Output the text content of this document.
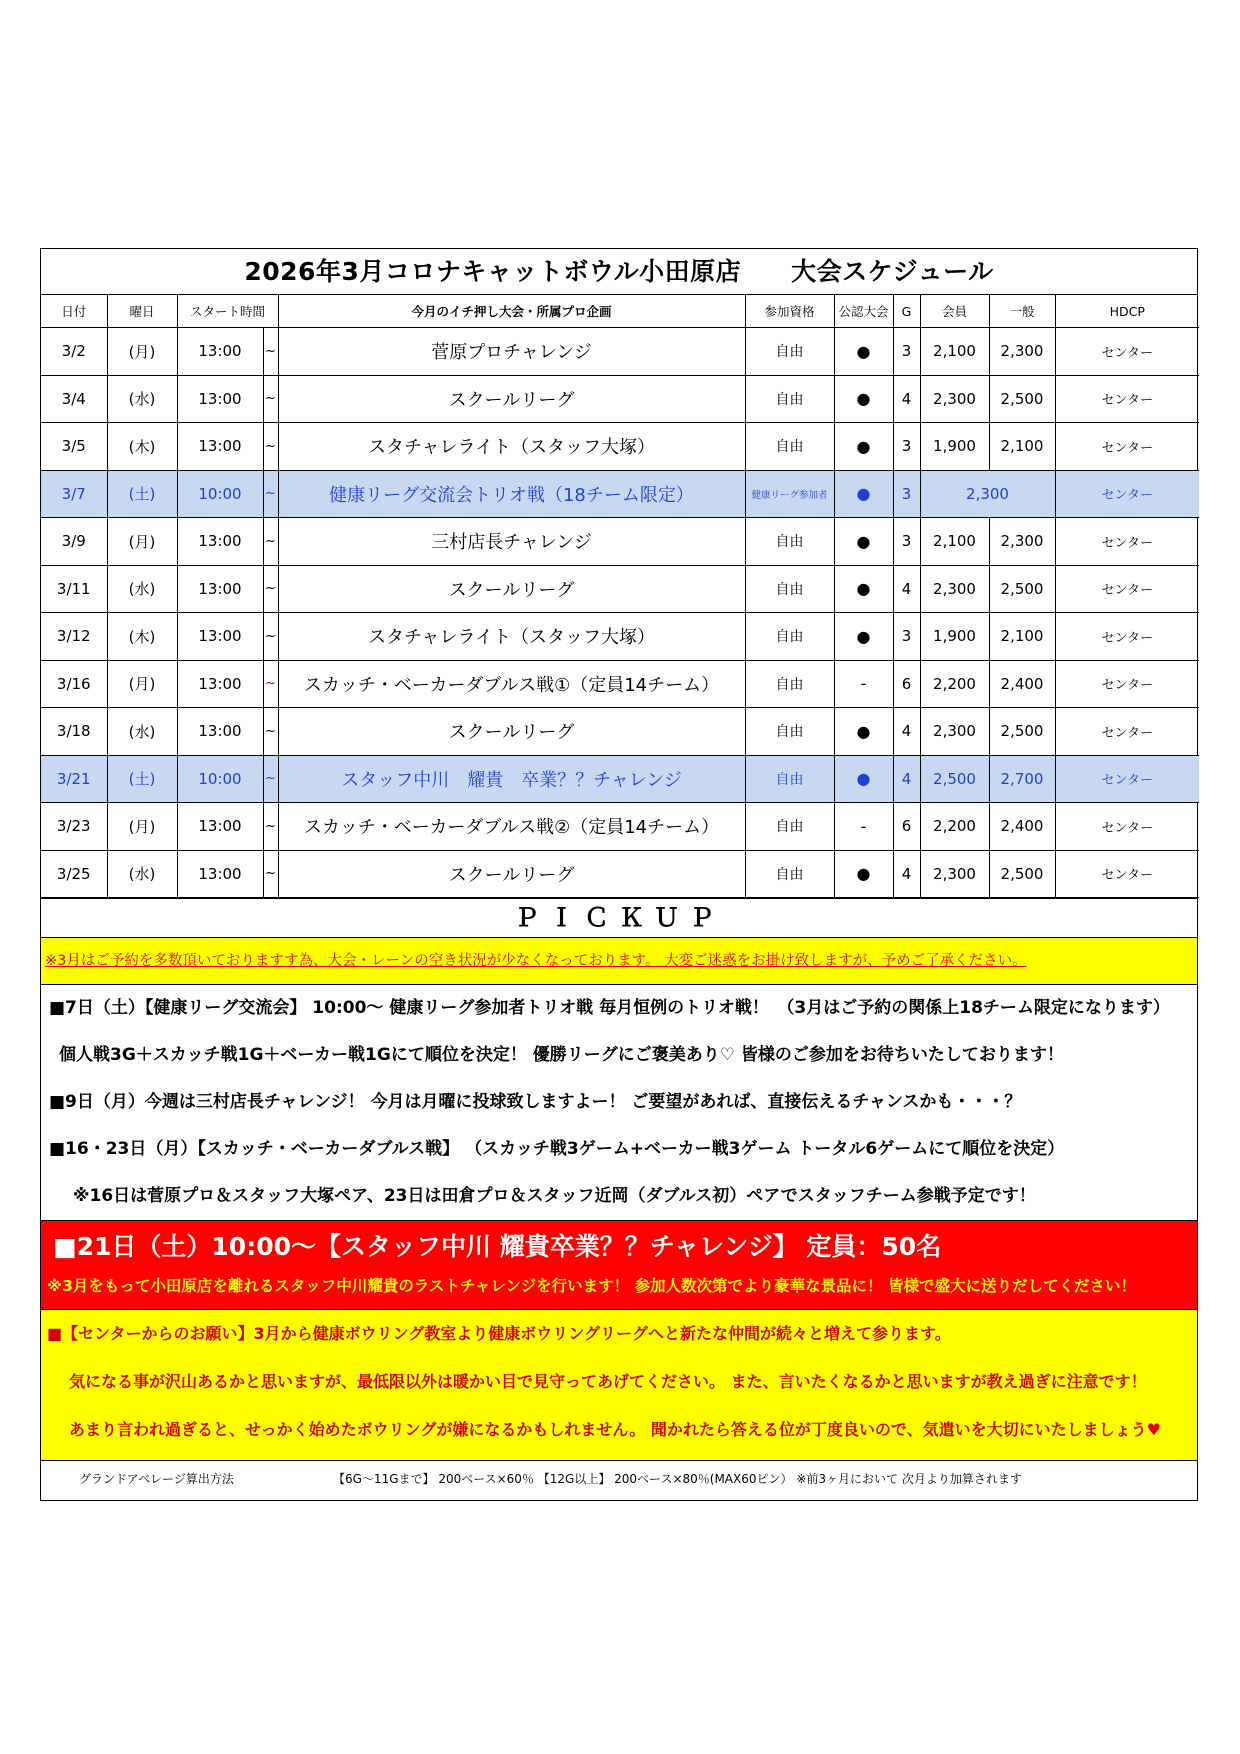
2026年3月コロナキャットボウル小田原店 大会スケジュール
日付	曜日	スタート時間		今月のイチ押し大会・所属プロ企画	参加資格	公認大会	G	会員	一般	HDCP
3/2	(月)	13:00	~	菅原プロチャレンジ	自由	●	3	2,100	2,300	センター
3/4	(水)	13:00	~	スクールリーグ	自由	●	4	2,300	2,500	センター
3/5	(木)	13:00	~	スタチャレライト（スタッフ大塚）	自由	●	3	1,900	2,100	センター
3/7	(土)	10:00	~	健康リーグ交流会トリオ戦（18チーム限定）	健康リーグ参加者	●	3	2,300		センター
3/9	(月)	13:00	~	三村店長チャレンジ	自由	●	3	2,100	2,300	センター
3/11	(水)	13:00	~	スクールリーグ	自由	●	4	2,300	2,500	センター
3/12	(木)	13:00	~	スタチャレライト（スタッフ大塚）	自由	●	3	1,900	2,100	センター
3/16	(月)	13:00	~	スカッチ・ベーカーダブルス戦①（定員14チーム）	自由	-	6	2,200	2,400	センター
3/18	(水)	13:00	~	スクールリーグ	自由	●	4	2,300	2,500	センター
3/21	(土)	10:00	~	スタッフ中川　耀貴　卒業？？チャレンジ	自由	●	4	2,500	2,700	センター
3/23	(月)	13:00	~	スカッチ・ベーカーダブルス戦②（定員14チーム）	自由	-	6	2,200	2,400	センター
3/25	(水)	13:00	~	スクールリーグ	自由	●	4	2,300	2,500	センター
ＰＩＣＫＵＰ
※3月はご予約を多数頂いておりますす為、大会・レーンの空き状況が少なくなっております。 大変ご迷惑をお掛け致しますが、予めご了承ください。
■7日（土）【健康リーグ交流会】 10:00～ 健康リーグ参加者トリオ戦 毎月恒例のトリオ戦！　（3月はご予約の関係上18チーム限定になります）
個人戦3G＋スカッチ戦1G＋ベーカー戦1Gにて順位を決定！ 優勝リーグにご褒美あり♡ 皆様のご参加をお待ちいたしております！
■9日（月）今週は三村店長チャレンジ！ 今月は月曜に投球致しますよー！ ご要望があれば、直接伝えるチャンスかも・・・？
■16・23日（月）【スカッチ・ベーカーダブルス戦】 （スカッチ戦3ゲーム+ベーカー戦3ゲーム トータル6ゲームにて順位を決定）
※16日は菅原プロ＆スタッフ大塚ペア、23日は田倉プロ＆スタッフ近岡（ダブルス初）ペアでスタッフチーム参戦予定です！
■21日（土）10:00～【スタッフ中川 耀貴卒業？？チャレンジ】 定員：50名
※3月をもって小田原店を離れるスタッフ中川耀貴のラストチャレンジを行います！ 参加人数次第でより豪華な景品に！ 皆様で盛大に送りだしてください！
■【センターからのお願い】3月から健康ボウリング教室より健康ボウリングリーグへと新たな仲間が続々と増えて参ります。
気になる事が沢山あるかと思いますが、最低限以外は暖かい目で見守ってあげてください。 また、言いたくなるかと思いますが教え過ぎに注意です！
あまり言われ過ぎると、せっかく始めたボウリングが嫌になるかもしれません。 聞かれたら答える位が丁度良いので、気遣いを大切にいたしましょう♥
グランドアベレージ算出方法	【6G～11Gまで】 200ベース×60％ 【12G以上】 200ベース×80％(MAX60ピン） ※前3ヶ月において 次月より加算されます
